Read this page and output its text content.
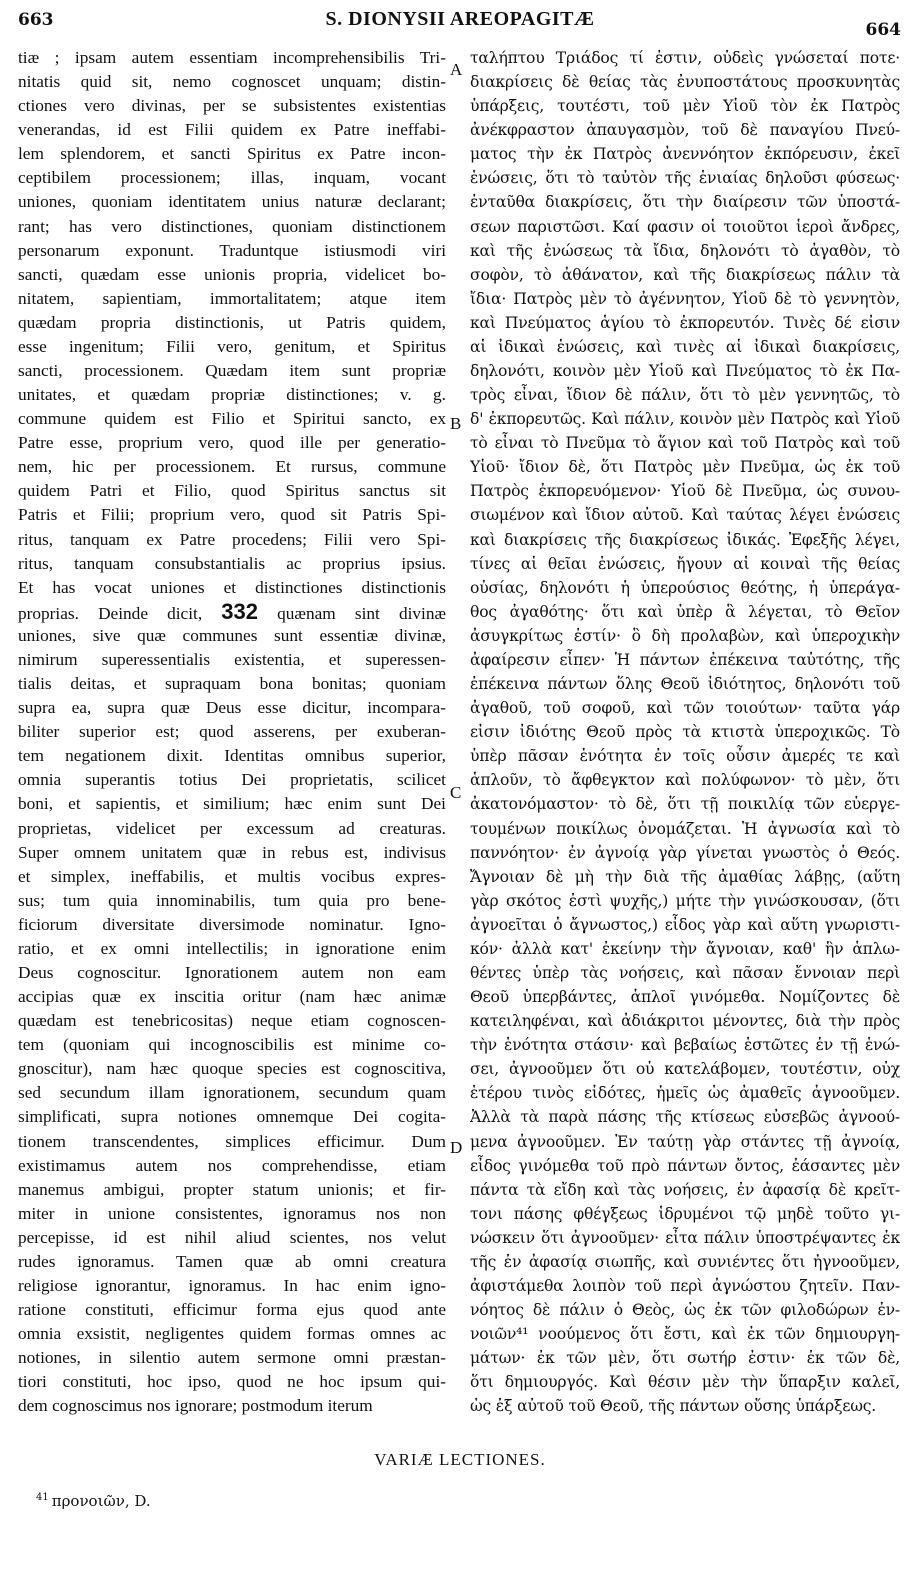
663	S. DIONYSII AREOPAGITÆ	664
tiæ ; ipsam autem essentiam incomprehensibilis Tri-
nitatis quid sit, nemo cognoscet unquam; distin-
ctiones vero divinas, per se subsistentes existentias
venerandas, id est Filii quidem ex Patre ineffabi-
lem splendorem, et sancti Spiritus ex Patre incon-
ceptibilem processionem; illas, inquam, vocant
uniones, quoniam identitatem unius naturæ declarant;
rant; has vero distinctiones, quoniam distinctionem
personarum exponunt. Traduntque istiusmodi viri
sancti, quædam esse unionis propria, videlicet bo-
nitatem, sapientiam, immortalitatem; atque item
quædam propria distinctionis, ut Patris quidem,
esse ingenitum; Filii vero, genitum, et Spiritus
sancti, processionem. Quædam item sunt propriæ
unitates, et quædam propriæ distinctiones; v. g.
commune quidem est Filio et Spiritui sancto, ex
Patre esse, proprium vero, quod ille per generatio-
nem, hic per processionem. Et rursus, commune
quidem Patri et Filio, quod Spiritus sanctus sit
Patris et Filii; proprium vero, quod sit Patris Spi-
ritus, tanquam ex Patre procedens; Filii vero Spi-
ritus, tanquam consubstantialis ac proprius ipsius.
Et has vocat uniones et distinctiones distinctionis
proprias. Deinde dicit, 332 quænam sint divinæ
uniones, sive quæ communes sunt essentiæ divinæ,
nimirum superessentialis existentia, et superessen-
tialis deitas, et supraquam bona bonitas; quoniam
supra ea, supra quæ Deus esse dicitur, incompara-
biliter superior est; quod asserens, per exuberan-
tem negationem dixit. Identitas omnibus superior,
omnia superantis totius Dei proprietatis, scilicet
boni, et sapientis, et similium; hæc enim sunt Dei
proprietas, videlicet per excessum ad creaturas.
Super omnem unitatem quæ in rebus est, indivisus
et simplex, ineffabilis, et multis vocibus expres-
sus; tum quia innominabilis, tum quia pro bene-
ficiorum diversitate diversimode nominatur. Igno-
ratio, et ex omni intellectilis; in ignoratione enim
Deus cognoscitur. Ignorationem autem non eam
accipias quæ ex inscitia oritur (nam hæc animæ
quædam est tenebricositas) neque etiam cognoscen-
tem (quoniam qui incognoscibilis est minime co-
gnoscitur), nam hæc quoque species est cognoscitiva,
sed secundum illam ignorationem, secundum quam
simplificati, supra notiones omnemque Dei cogita-
tionem transcendentes, simplices efficimur. Dum
existimamus autem nos comprehendisse, etiam
manemus ambigui, propter statum unionis; et fir-
miter in unione consistentes, ignoramus nos non
percepisse, id est nihil aliud scientes, nos velut
rudes ignoramus. Tamen quæ ab omni creatura
religiose ignorantur, ignoramus. In hac enim igno-
ratione constituti, efficimur forma ejus quod ante
omnia exsistit, negligentes quidem formas omnes ac
notiones, in silentio autem sermone omni præstan-
tiori constituti, hoc ipso, quod ne hoc ipsum qui-
dem cognoscimus nos ignorare; postmodum iterum
A
B
C
D
ταλήπτου Τριάδος τί ἐστιν, οὐδεὶς γνώσεταί ποτε·
διακρίσεις δὲ θείας τὰς ἐνυποστάτους προσκυνητὰς
ὑπάρξεις, τουτέστι, τοῦ μὲν Υἱοῦ τὸν ἐκ Πατρὸς
ἀνέκφραστον ἀπαυγασμὸν, τοῦ δὲ παναγίου Πνεύ-
ματος τὴν ἐκ Πατρὸς ἀνεννόητον ἐκπόρευσιν, ἐκεῖ
ἑνώσεις, ὅτι τὸ ταὐτὸν τῆς ἑνιαίας δηλοῦσι φύσεως·
ἐνταῦθα διακρίσεις, ὅτι τὴν διαίρεσιν τῶν ὑποστά-
σεων παριστῶσι. Καί φασιν οἱ τοιοῦτοι ἱεροὶ ἄνδρες,
καὶ τῆς ἑνώσεως τὰ ἴδια, δηλονότι τὸ ἀγαθὸν, τὸ
σοφὸν, τὸ ἀθάνατον, καὶ τῆς διακρίσεως πάλιν τὰ
ἴδια· Πατρὸς μὲν τὸ ἀγέννητον, Υἱοῦ δὲ τὸ γεννητὸν,
καὶ Πνεύματος ἁγίου τὸ ἐκπορευτόν. Τινὲς δέ εἰσιν
αἱ ἰδικαὶ ἑνώσεις, καὶ τινὲς αἱ ἰδικαὶ διακρίσεις,
δηλονότι, κοινὸν μὲν Υἱοῦ καὶ Πνεύματος τὸ ἐκ Πα-
τρὸς εἶναι, ἴδιον δὲ πάλιν, ὅτι τὸ μὲν γεννητῶς, τὸ
δ' ἐκπορευτῶς. Καὶ πάλιν, κοινὸν μὲν Πατρὸς καὶ Υἱοῦ
τὸ εἶναι τὸ Πνεῦμα τὸ ἅγιον καὶ τοῦ Πατρὸς καὶ τοῦ
Υἱοῦ· ἴδιον δὲ, ὅτι Πατρὸς μὲν Πνεῦμα, ὡς ἐκ τοῦ
Πατρὸς ἐκπορευόμενον· Υἱοῦ δὲ Πνεῦμα, ὡς συνου-
σιωμένον καὶ ἴδιον αὐτοῦ. Καὶ ταύτας λέγει ἑνώσεις
καὶ διακρίσεις τῆς διακρίσεως ἰδικάς. Ἐφεξῆς λέγει,
τίνες αἱ θεῖαι ἑνώσεις, ἤγουν αἱ κοιναὶ τῆς θείας
οὐσίας, δηλονότι ἡ ὑπερούσιος θεότης, ἡ ὑπεράγα-
θος ἀγαθότης· ὅτι καὶ ὑπὲρ ἃ λέγεται, τὸ Θεῖον
ἀσυγκρίτως ἐστίν· ὃ δὴ προλαβὼν, καὶ ὑπεροχικὴν
ἀφαίρεσιν εἶπεν· Ἡ πάντων ἐπέκεινα ταὐτότης, τῆς
ἐπέκεινα πάντων ὅλης Θεοῦ ἰδιότητος, δηλονότι τοῦ
ἀγαθοῦ, τοῦ σοφοῦ, καὶ τῶν τοιούτων· ταῦτα γάρ
εἰσιν ἰδιότης Θεοῦ πρὸς τὰ κτιστὰ ὑπεροχικῶς. Τὸ
ὑπὲρ πᾶσαν ἑνότητα ἐν τοῖς οὖσιν ἀμερές τε καὶ
ἁπλοῦν, τὸ ἄφθεγκτον καὶ πολύφωνον· τὸ μὲν, ὅτι
ἀκατονόμαστον· τὸ δὲ, ὅτι τῇ ποικιλίᾳ τῶν εὐεργε-
τουμένων ποικίλως ὀνομάζεται. Ἡ ἀγνωσία καὶ τὸ
παννόητον· ἐν ἀγνοίᾳ γὰρ γίνεται γνωστὸς ὁ Θεός.
Ἄγνοιαν δὲ μὴ τὴν διὰ τῆς ἀμαθίας λάβῃς, (αὕτη
γὰρ σκότος ἐστὶ ψυχῆς,) μήτε τὴν γινώσκουσαν, (ὅτι
ἀγνοεῖται ὁ ἄγνωστος,) εἶδος γὰρ καὶ αὕτη γνωριστι-
κόν· ἀλλὰ κατ' ἐκείνην τὴν ἄγνοιαν, καθ' ἣν ἁπλω-
θέντες ὑπὲρ τὰς νοήσεις, καὶ πᾶσαν ἔννοιαν περὶ
Θεοῦ ὑπερβάντες, ἁπλοῖ γινόμεθα. Νομίζοντες δὲ
κατειληφέναι, καὶ ἀδιάκριτοι μένοντες, διὰ τὴν πρὸς
τὴν ἑνότητα στάσιν· καὶ βεβαίως ἑστῶτες ἐν τῇ ἑνώ-
σει, ἀγνοοῦμεν ὅτι οὐ κατελάβομεν, τουτέστιν, οὐχ
ἑτέρου τινὸς εἰδότες, ἡμεῖς ὡς ἀμαθεῖς ἀγνοοῦμεν.
Ἀλλὰ τὰ παρὰ πάσης τῆς κτίσεως εὐσεβῶς ἀγνοού-
μενα ἀγνοοῦμεν. Ἐν ταύτῃ γὰρ στάντες τῇ ἀγνοίᾳ,
εἶδος γινόμεθα τοῦ πρὸ πάντων ὄντος, ἐάσαντες μὲν
πάντα τὰ εἴδη καὶ τὰς νοήσεις, ἐν ἀφασίᾳ δὲ κρεῖτ-
τονι πάσης φθέγξεως ἱδρυμένοι τῷ μηδὲ τοῦτο γι-
νώσκειν ὅτι ἀγνοοῦμεν· εἶτα πάλιν ὑποστρέψαντες ἐκ
τῆς ἐν ἀφασίᾳ σιωπῆς, καὶ συνιέντες ὅτι ἠγνοοῦμεν,
ἀφιστάμεθα λοιπὸν τοῦ περὶ ἀγνώστου ζητεῖν. Παν-
νόητος δὲ πάλιν ὁ Θεὸς, ὡς ἐκ τῶν φιλοδώρων ἐν-
νοιῶν⁴¹ νοούμενος ὅτι ἔστι, καὶ ἐκ τῶν δημιουργη-
μάτων· ἐκ τῶν μὲν, ὅτι σωτήρ ἐστιν· ἐκ τῶν δὲ,
ὅτι δημιουργός. Καὶ θέσιν μὲν τὴν ὕπαρξιν καλεῖ,
ὡς ἐξ αὐτοῦ τοῦ Θεοῦ, τῆς πάντων οὔσης ὑπάρξεως.
VARIÆ LECTIONES.
$^{41}$ προνοιῶν, D.
